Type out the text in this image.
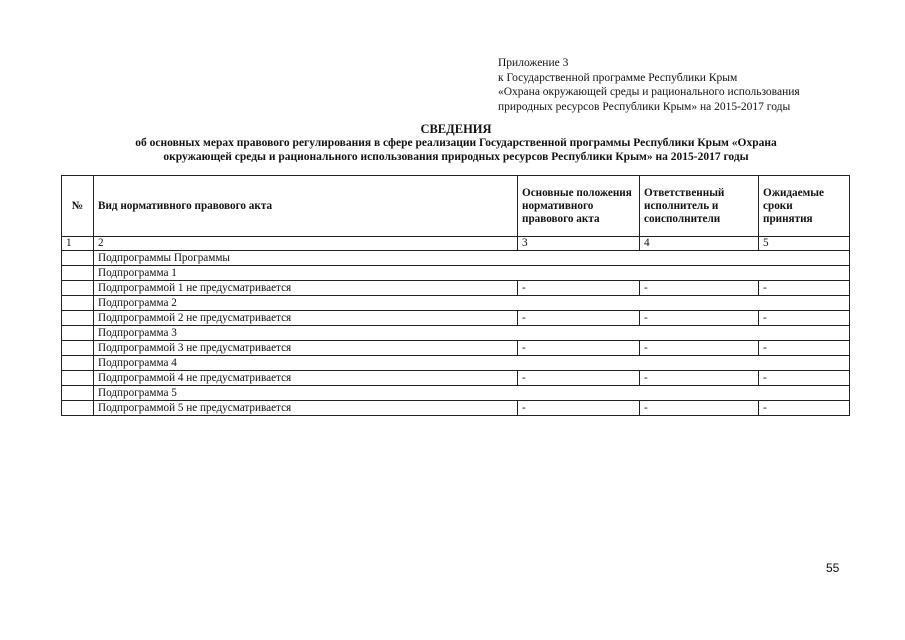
Приложение 3
к Государственной программе Республики Крым
«Охрана окружающей среды и рационального использования
природных ресурсов Республики Крым» на 2015-2017 годы
СВЕДЕНИЯ
об основных мерах правового регулирования в сфере реализации Государственной программы Республики Крым «Охрана
окружающей среды и рационального использования природных ресурсов Республики Крым» на 2015-2017 годы
№	Вид нормативного правового акта	Основные положения нормативного правового акта	Ответственный исполнитель и соисполнители	Ожидаемые сроки принятия
1	2	3	4	5
	Подпрограммы Программы			
	Подпрограмма 1			
	Подпрограммой 1 не предусматривается	-	-	-
	Подпрограмма 2			
	Подпрограммой 2 не предусматривается	-	-	-
	Подпрограмма 3			
	Подпрограммой 3 не предусматривается	-	-	-
	Подпрограмма 4			
	Подпрограммой 4 не предусматривается	-	-	-
	Подпрограмма 5			
	Подпрограммой 5 не предусматривается	-	-	-
55
